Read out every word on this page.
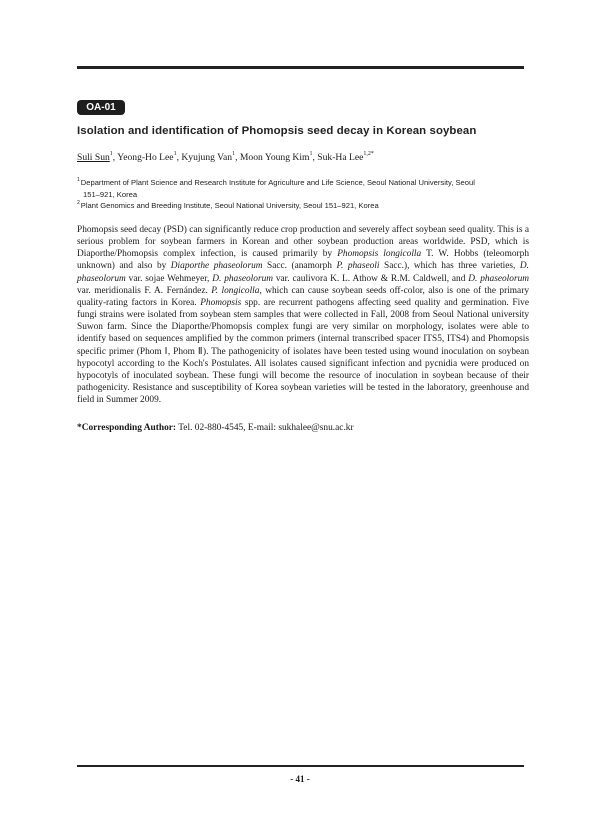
OA-01
Isolation and identification of Phomopsis seed decay in Korean soybean
Suli Sun$^1$, Yeong-Ho Lee$^1$, Kyujung Van$^1$, Moon Young Kim$^1$, Suk-Ha Lee$^{1,2*}$
$^1$Department of Plant Science and Research Institute for Agriculture and Life Science, Seoul National University, Seoul
151–921, Korea
$^2$Plant Genomics and Breeding Institute, Seoul National University, Seoul 151–921, Korea

Phomopsis seed decay (PSD) can significantly reduce crop production and severely affect soybean seed quality. This is a serious problem for soybean farmers in Korean and other soybean production areas worldwide. PSD, which is Diaporthe/Phomopsis complex infection, is caused primarily by Phomopsis longicolla T. W. Hobbs (teleomorph unknown) and also by Diaporthe phaseolorum Sacc. (anamorph P. phaseoli Sacc.), which has three varieties, D. phaseolorum var. sojae Wehmeyer, D. phaseolorum var. caulivora K. L. Athow & R.M. Caldwell, and D. phaseolorum var. meridionalis F. A. Fernández. P. longicolla, which can cause soybean seeds off-color, also is one of the primary quality-rating factors in Korea. Phomopsis spp. are recurrent pathogens affecting seed quality and germination. Five fungi strains were isolated from soybean stem samples that were collected in Fall, 2008 from Seoul National university Suwon farm. Since the Diaporthe/Phomopsis complex fungi are very similar on morphology, isolates were able to identify based on sequences amplified by the common primers (internal transcribed spacer ITS5, ITS4) and Phomopsis specific primer (Phom Ⅰ, Phom Ⅱ). The pathogenicity of isolates have been tested using wound inoculation on soybean hypocotyl according to the Koch's Postulates. All isolates caused significant infection and pycnidia were produced on hypocotyls of inoculated soybean. These fungi will become the resource of inoculation in soybean because of their pathogenicity. Resistance and susceptibility of Korea soybean varieties will be tested in the laboratory, greenhouse and field in Summer 2009.

*Corresponding Author: Tel. 02-880-4545, E-mail: sukhalee@snu.ac.kr
- 41 -
